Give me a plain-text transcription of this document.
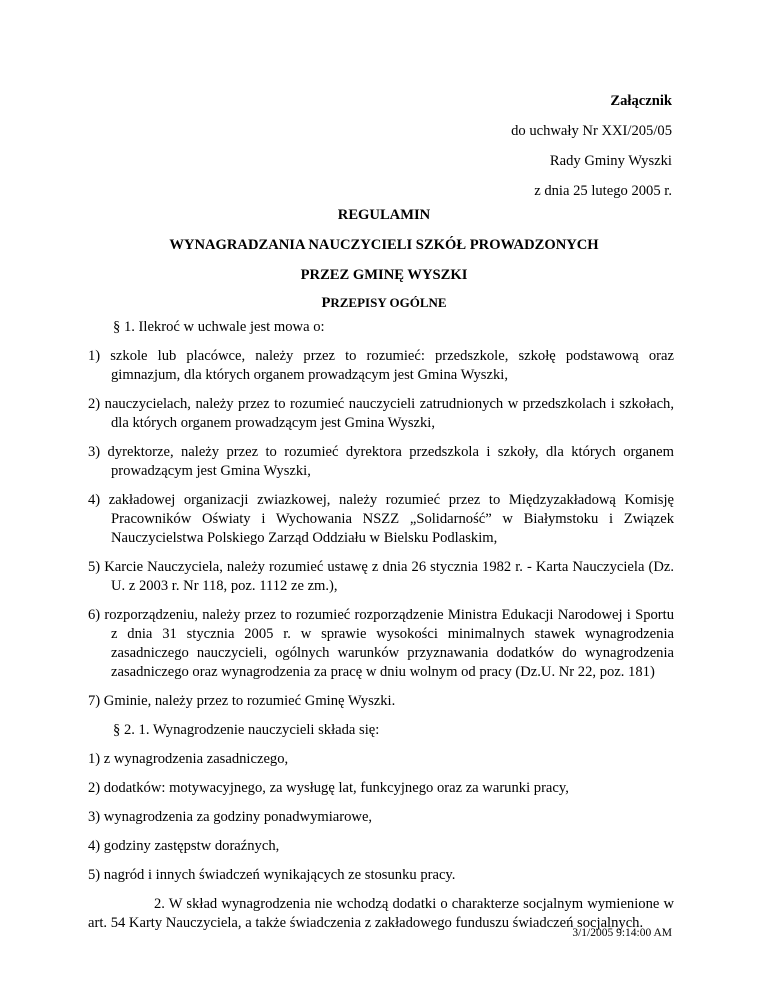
Załącznik
do uchwały Nr XXI/205/05
Rady Gminy Wyszki
z dnia 25 lutego 2005 r.
REGULAMIN
WYNAGRADZANIA NAUCZYCIELI SZKÓŁ PROWADZONYCH
PRZEZ GMINĘ WYSZKI
PRZEPISY OGÓLNE

§ 1. Ilekroć w uchwale jest mowa o:

1) szkole lub placówce, należy przez to rozumieć: przedszkole, szkołę podstawową oraz gimnazjum, dla których organem prowadzącym jest Gmina Wyszki,

2) nauczycielach, należy przez to rozumieć nauczycieli zatrudnionych w przedszkolach i szkołach, dla których organem prowadzącym jest Gmina Wyszki,

3) dyrektorze, należy przez to rozumieć dyrektora przedszkola i szkoły, dla których organem prowadzącym jest Gmina Wyszki,

4) zakładowej organizacji zwiazkowej, należy rozumieć przez to Międzyzakładową Komisję Pracowników Oświaty i Wychowania NSZZ „Solidarność” w Białymstoku i Związek Nauczycielstwa Polskiego Zarząd Oddziału w Bielsku Podlaskim,

5) Karcie Nauczyciela, należy rozumieć ustawę z dnia 26 stycznia 1982 r. - Karta Nauczyciela (Dz. U. z 2003 r. Nr 118, poz. 1112 ze zm.),

6) rozporządzeniu, należy przez to rozumieć rozporządzenie Ministra Edukacji Narodowej i Sportu z dnia 31 stycznia 2005 r. w sprawie wysokości minimalnych stawek wynagrodzenia zasadniczego nauczycieli, ogólnych warunków przyznawania dodatków do wynagrodzenia zasadniczego oraz wynagrodzenia za pracę w dniu wolnym od pracy (Dz.U. Nr 22, poz. 181)

7) Gminie, należy przez to rozumieć Gminę Wyszki.

§ 2. 1. Wynagrodzenie nauczycieli składa się:

1) z wynagrodzenia zasadniczego,

2) dodatków: motywacyjnego, za wysługę lat, funkcyjnego oraz za warunki pracy,

3) wynagrodzenia za godziny ponadwymiarowe,

4) godziny zastępstw doraźnych,

5) nagród i innych świadczeń wynikających ze stosunku pracy.

2. W skład wynagrodzenia nie wchodzą dodatki o charakterze socjalnym wymienione w art. 54 Karty Nauczyciela, a także świadczenia z zakładowego funduszu świadczeń socjalnych.

3/1/2005 9:14:00 AM
